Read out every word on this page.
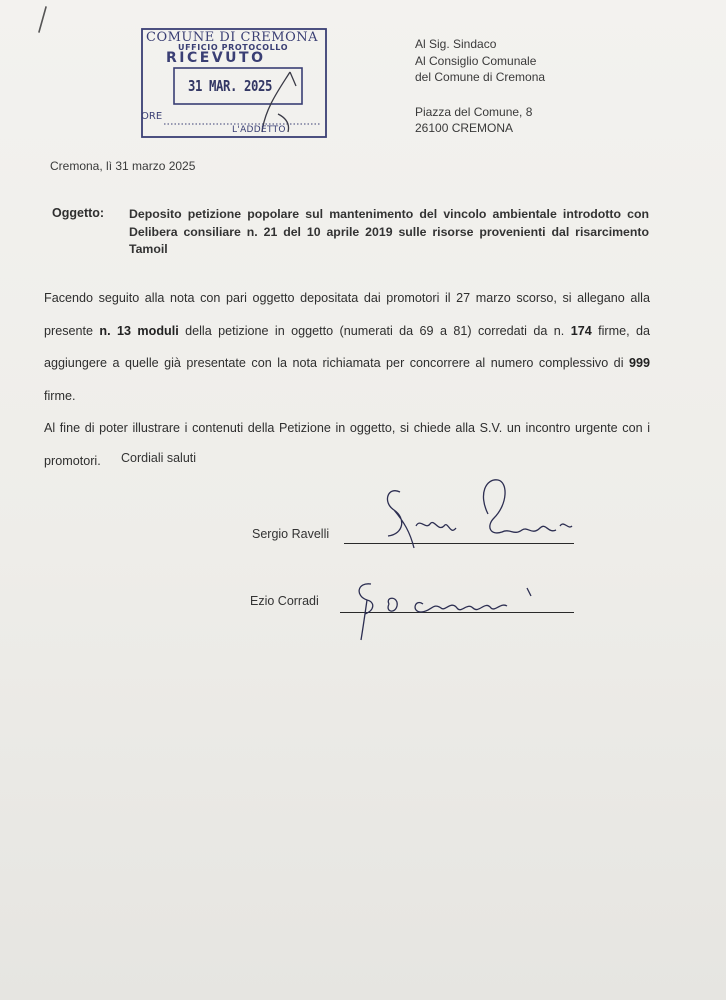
COMUNE DI CREMONA
UFFICIO PROTOCOLLO
RICEVUTO
31 MAR. 2025
ORE
L'ADDETTO
Al Sig. Sindaco
Al Consiglio Comunale
del Comune di Cremona
Piazza del Comune, 8
26100 CREMONA
Cremona, lì 31 marzo 2025
Oggetto: Deposito petizione popolare sul mantenimento del vincolo ambientale introdotto con Delibera consiliare n. 21 del 10 aprile 2019 sulle risorse provenienti dal risarcimento Tamoil
Facendo seguito alla nota con pari oggetto depositata dai promotori il 27 marzo scorso, si allegano alla presente n. 13 moduli della petizione in oggetto (numerati da 69 a 81) corredati da n. 174 firme, da aggiungere a quelle già presentate con la nota richiamata per concorrere al numero complessivo di 999 firme.
Al fine di poter illustrare i contenuti della Petizione in oggetto, si chiede alla S.V. un incontro urgente con i promotori.	Cordiali saluti
Sergio Ravelli
Ezio Corradi
